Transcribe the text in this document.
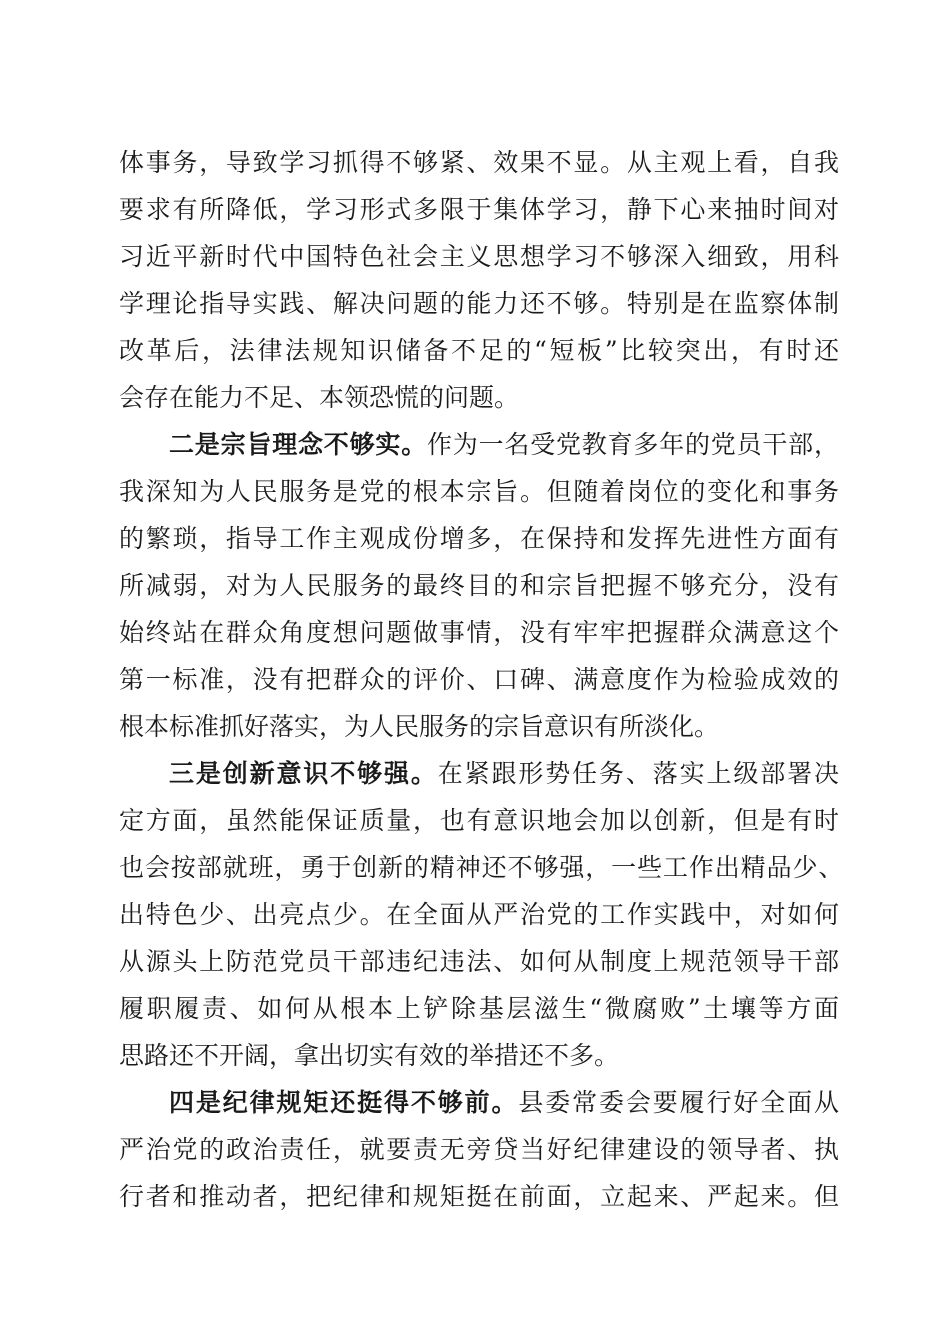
体事务，导致学习抓得不够紧、效果不显。从主观上看，自我
要求有所降低，学习形式多限于集体学习，静下心来抽时间对
习近平新时代中国特色社会主义思想学习不够深入细致，用科
学理论指导实践、解决问题的能力还不够。特别是在监察体制
改革后，法律法规知识储备不足的“短板”比较突出，有时还
会存在能力不足、本领恐慌的问题。
二是宗旨理念不够实。作为一名受党教育多年的党员干部，
我深知为人民服务是党的根本宗旨。但随着岗位的变化和事务
的繁琐，指导工作主观成份增多，在保持和发挥先进性方面有
所减弱，对为人民服务的最终目的和宗旨把握不够充分，没有
始终站在群众角度想问题做事情，没有牢牢把握群众满意这个
第一标准，没有把群众的评价、口碑、满意度作为检验成效的
根本标准抓好落实，为人民服务的宗旨意识有所淡化。
三是创新意识不够强。在紧跟形势任务、落实上级部署决
定方面，虽然能保证质量，也有意识地会加以创新，但是有时
也会按部就班，勇于创新的精神还不够强，一些工作出精品少、
出特色少、出亮点少。在全面从严治党的工作实践中，对如何
从源头上防范党员干部违纪违法、如何从制度上规范领导干部
履职履责、如何从根本上铲除基层滋生“微腐败”土壤等方面
思路还不开阔，拿出切实有效的举措还不多。
四是纪律规矩还挺得不够前。县委常委会要履行好全面从
严治党的政治责任，就要责无旁贷当好纪律建设的领导者、执
行者和推动者，把纪律和规矩挺在前面，立起来、严起来。但
